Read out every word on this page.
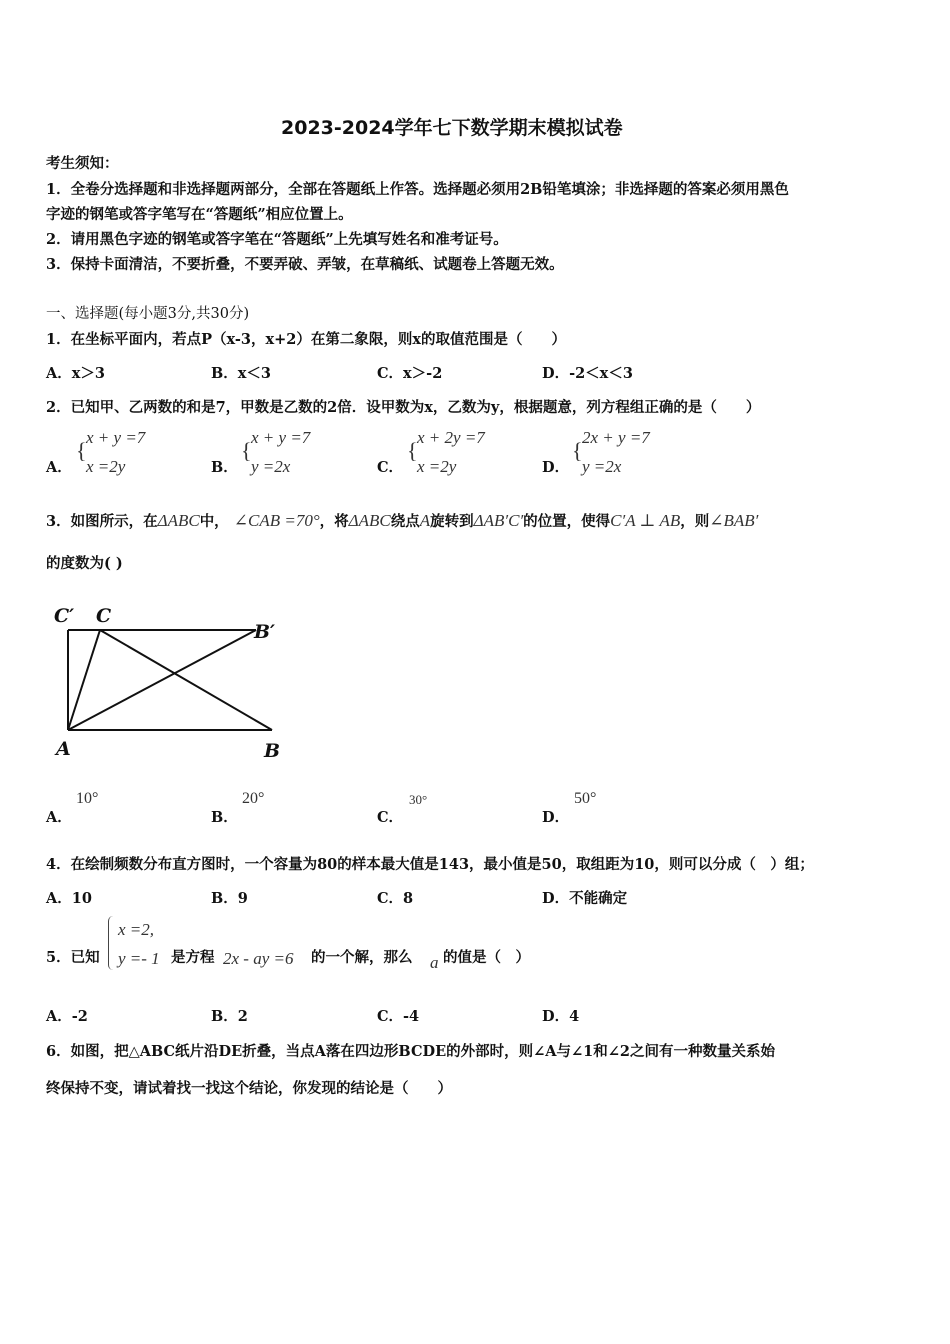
2023-2024学年七下数学期末模拟试卷
考生须知：
1．全卷分选择题和非选择题两部分，全部在答题纸上作答。选择题必须用2B铅笔填涂；非选择题的答案必须用黑色
字迹的钢笔或答字笔写在“答题纸”相应位置上。
2．请用黑色字迹的钢笔或答字笔在“答题纸”上先填写姓名和准考证号。
3．保持卡面清洁，不要折叠，不要弄破、弄皱，在草稿纸、试题卷上答题无效。
一、选择题(每小题3分,共30分)
1．在坐标平面内，若点P（x-3，x+2）在第二象限，则x的取值范围是（　　）
A．x＞3	B．x＜3	C．x＞-2	D．-2＜x＜3
2．已知甲、乙两数的和是7，甲数是乙数的2倍．设甲数为x，乙数为y，根据题意，列方程组正确的是（　　）
A．
{
x + y =7
x =2y	B．
{
x + y =7
y =2x	C．
{
x + 2y =7
x =2y	D．
{
2x + y =7
y =2x
3．如图所示，在ΔABC中， ∠CAB =70°，将ΔABC绕点A旋转到ΔAB′C′的位置，使得C′A ⊥ AB，则∠BAB′
的度数为( )
C′ C
B′
A	B
A．
10°
B．
20°
C．
30°
D．
50°
4．在绘制频数分布直方图时，一个容量为80的样本最大值是143，最小值是50，取组距为10，则可以分成（　）组；
A．10	B．9	C．8	D．不能确定
5．已知
x =2,
y =- 1 是方程 2x - ay =6 的一个解，那么 a 的值是（　）
A．-2	B．2	C．-4	D．4
6．如图，把△ABC纸片沿DE折叠，当点A落在四边形BCDE的外部时，则∠A与∠1和∠2之间有一种数量关系始
终保持不变，请试着找一找这个结论，你发现的结论是（　　）
